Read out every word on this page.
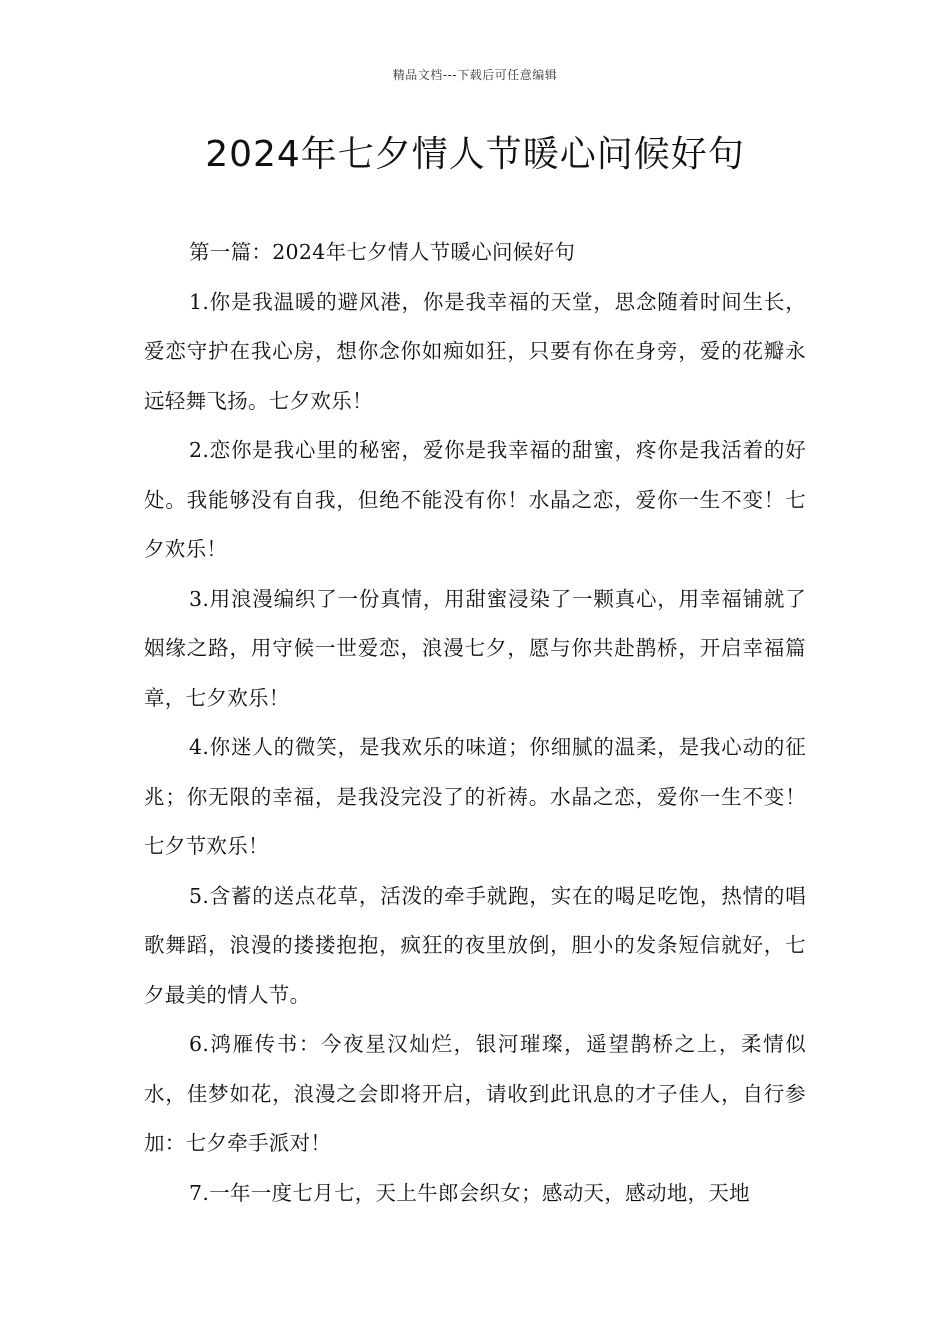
精品文档---下载后可任意编辑
2024年七夕情人节暖心问候好句

第一篇：2024年七夕情人节暖心问候好句

1.你是我温暖的避风港，你是我幸福的天堂，思念随着时间生长，爱恋守护在我心房，想你念你如痴如狂，只要有你在身旁，爱的花瓣永远轻舞飞扬。七夕欢乐！

2.恋你是我心里的秘密，爱你是我幸福的甜蜜，疼你是我活着的好处。我能够没有自我，但绝不能没有你！水晶之恋，爱你一生不变！七夕欢乐！

3.用浪漫编织了一份真情，用甜蜜浸染了一颗真心，用幸福铺就了姻缘之路，用守候一世爱恋，浪漫七夕，愿与你共赴鹊桥，开启幸福篇章，七夕欢乐！

4.你迷人的微笑，是我欢乐的味道；你细腻的温柔，是我心动的征兆；你无限的幸福，是我没完没了的祈祷。水晶之恋，爱你一生不变！七夕节欢乐！

5.含蓄的送点花草，活泼的牵手就跑，实在的喝足吃饱，热情的唱歌舞蹈，浪漫的搂搂抱抱，疯狂的夜里放倒，胆小的发条短信就好，七夕最美的情人节。

6.鸿雁传书：今夜星汉灿烂，银河璀璨，遥望鹊桥之上，柔情似水，佳梦如花，浪漫之会即将开启，请收到此讯息的才子佳人，自行参加：七夕牵手派对！

7.一年一度七月七，天上牛郎会织女；感动天，感动地，天地
